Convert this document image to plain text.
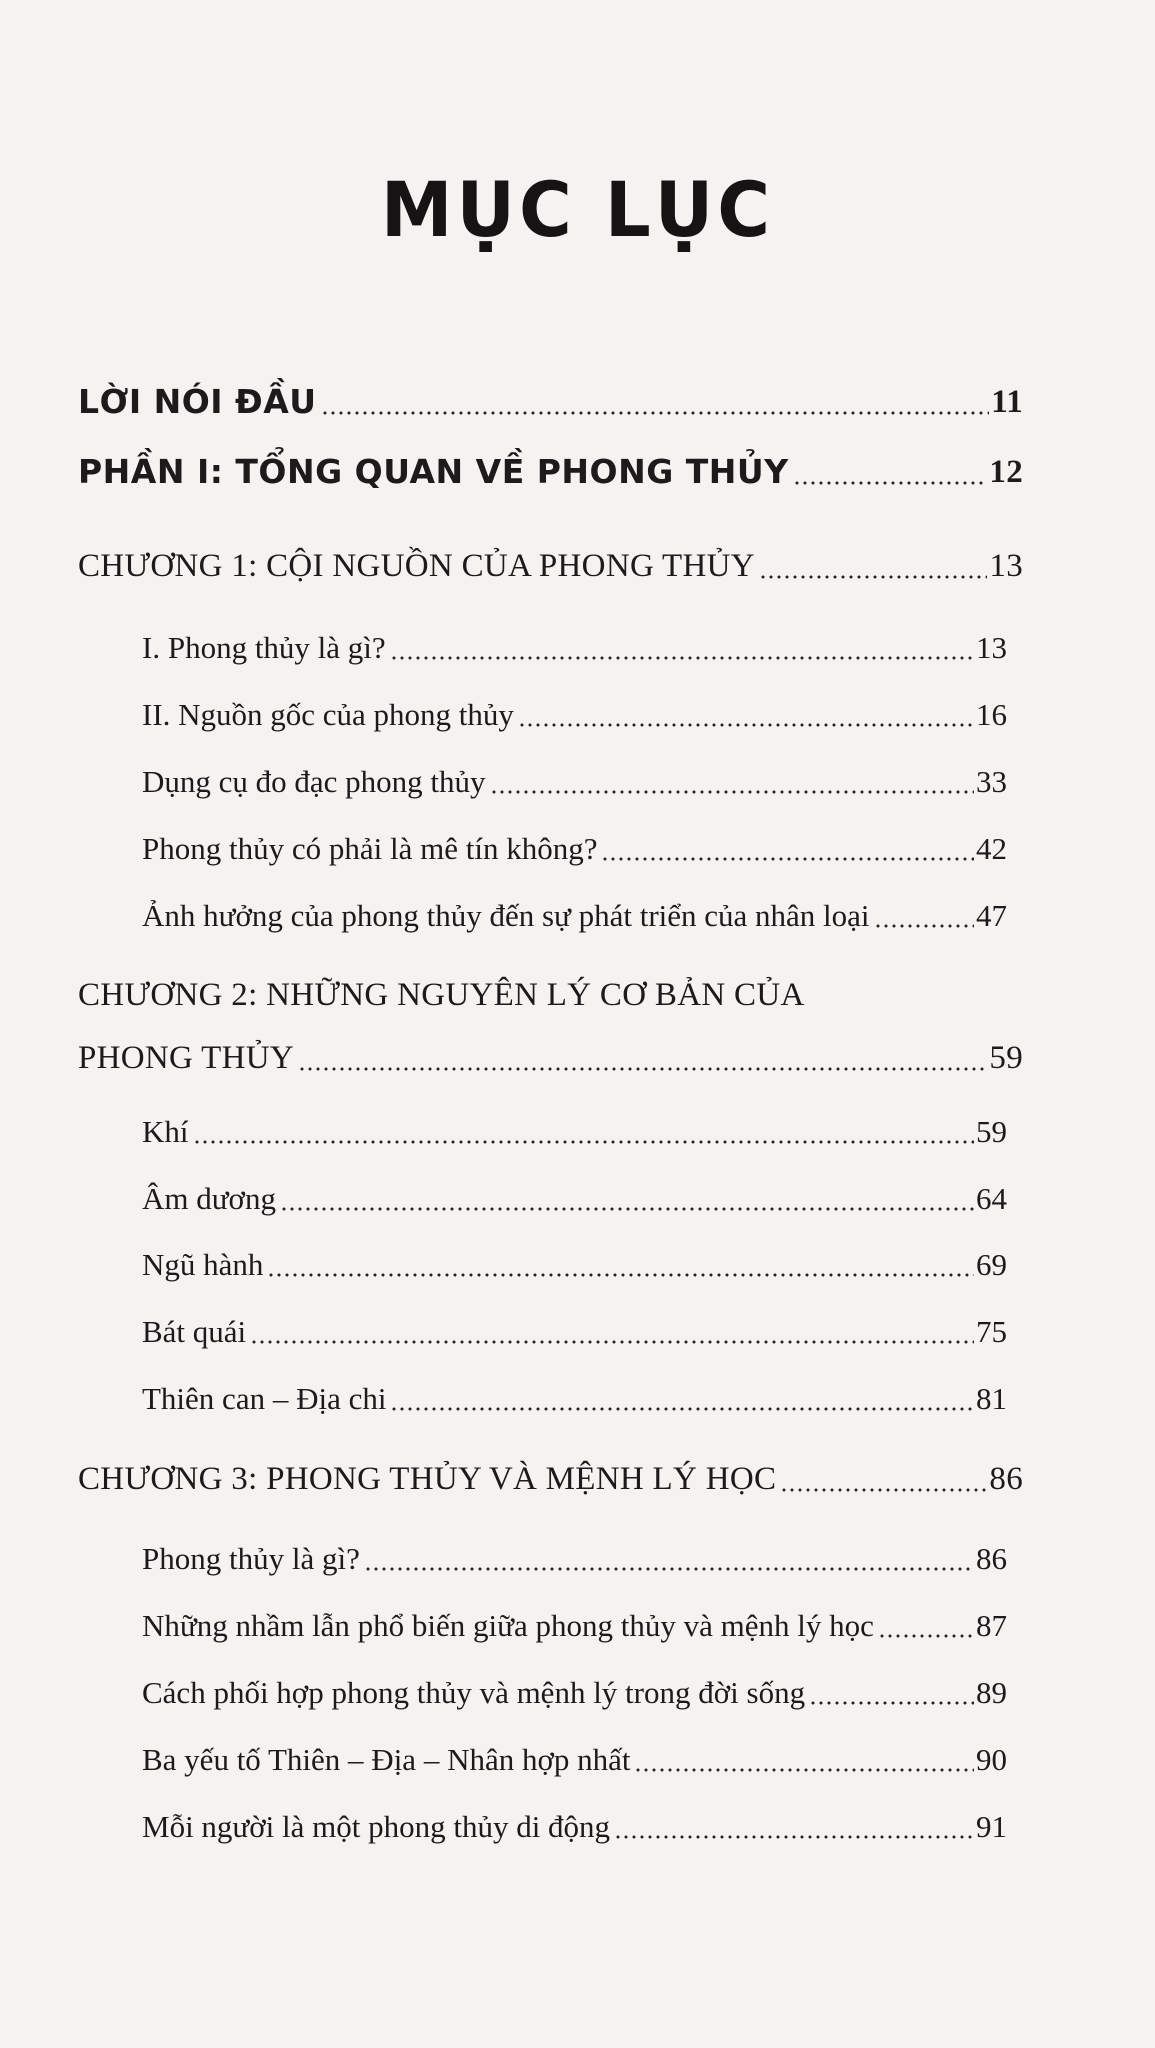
MỤC LỤC
LỜI NÓI ĐẦU	11
PHẦN I: TỔNG QUAN VỀ PHONG THỦY	12
CHƯƠNG 1: CỘI NGUỒN CỦA PHONG THỦY	13
I. Phong thủy là gì?	13
II. Nguồn gốc của phong thủy	16
Dụng cụ đo đạc phong thủy	33
Phong thủy có phải là mê tín không?	42
Ảnh hưởng của phong thủy đến sự phát triển của nhân loại	47
CHƯƠNG 2: NHỮNG NGUYÊN LÝ CƠ BẢN CỦA
PHONG THỦY	59
Khí	59
Âm dương	64
Ngũ hành	69
Bát quái	75
Thiên can – Địa chi	81
CHƯƠNG 3: PHONG THỦY VÀ MỆNH LÝ HỌC	86
Phong thủy là gì?	86
Những nhầm lẫn phổ biến giữa phong thủy và mệnh lý học	87
Cách phối hợp phong thủy và mệnh lý trong đời sống	89
Ba yếu tố Thiên – Địa – Nhân hợp nhất	90
Mỗi người là một phong thủy di động	91
